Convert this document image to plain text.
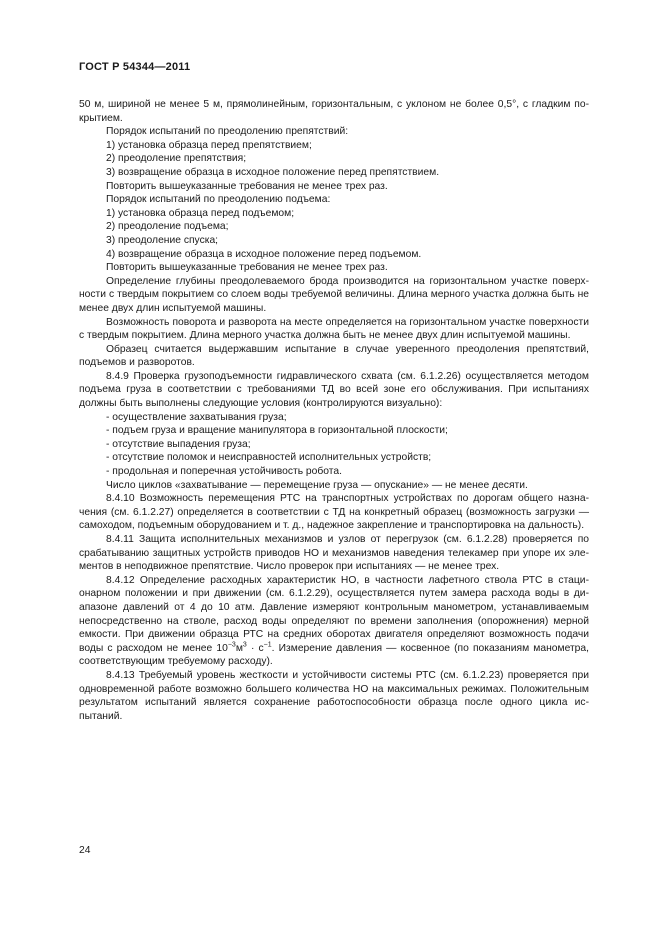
ГОСТ Р 54344—2011

50 м, шириной не менее 5 м, прямолинейным, горизонтальным, с уклоном не более 0,5°, с гладким покрытием.

Порядок испытаний по преодолению препятствий:

1) установка образца перед препятствием;

2) преодоление препятствия;

3) возвращение образца в исходное положение перед препятствием.

Повторить вышеуказанные требования не менее трех раз.

Порядок испытаний по преодолению подъема:

1) установка образца перед подъемом;

2) преодоление подъема;

3) преодоление спуска;

4) возвращение образца в исходное положение перед подъемом.

Повторить вышеуказанные требования не менее трех раз.

Определение глубины преодолеваемого брода производится на горизонтальном участке поверхности с твердым покрытием со слоем воды требуемой величины. Длина мерного участка должна быть не менее двух длин испытуемой машины.

Возможность поворота и разворота на месте определяется на горизонтальном участке поверхности с твердым покрытием. Длина мерного участка должна быть не менее двух длин испытуемой машины.

Образец считается выдержавшим испытание в случае уверенного преодоления препятствий, подъемов и разворотов.

8.4.9 Проверка грузоподъемности гидравлического схвата (см. 6.1.2.26) осуществляется методом подъема груза в соответствии с требованиями ТД во всей зоне его обслуживания. При испытаниях должны быть выполнены следующие условия (контролируются визуально):

- осуществление захватывания груза;

- подъем груза и вращение манипулятора в горизонтальной плоскости;

- отсутствие выпадения груза;

- отсутствие поломок и неисправностей исполнительных устройств;

- продольная и поперечная устойчивость робота.

Число циклов «захватывание — перемещение груза — опускание» — не менее десяти.

8.4.10 Возможность перемещения РТС на транспортных устройствах по дорогам общего назначения (см. 6.1.2.27) определяется в соответствии с ТД на конкретный образец (возможность загрузки — самоходом, подъемным оборудованием и т. д., надежное закрепление и транспортировка на дальность).

8.4.11 Защита исполнительных механизмов и узлов от перегрузок (см. 6.1.2.28) проверяется по срабатыванию защитных устройств приводов НО и механизмов наведения телекамер при упоре их элементов в неподвижное препятствие. Число проверок при испытаниях — не менее трех.

8.4.12 Определение расходных характеристик НО, в частности лафетного ствола РТС в стационарном положении и при движении (см. 6.1.2.29), осуществляется путем замера расхода воды в диапазоне давлений от 4 до 10 атм. Давление измеряют контрольным манометром, устанавливаемым непосредственно на стволе, расход воды определяют по времени заполнения (опорожнения) мерной емкости. При движении образца РТС на средних оборотах двигателя определяют возможность подачи воды с расходом не менее $10^{-3}м^3 \cdot с^{-1}$. Измерение давления — косвенное (по показаниям манометра, соответствующим требуемому расходу).

8.4.13 Требуемый уровень жесткости и устойчивости системы РТС (см. 6.1.2.23) проверяется при одновременной работе возможно большего количества НО на максимальных режимах. Положительным результатом испытаний является сохранение работоспособности образца после одного цикла испытаний.

24
